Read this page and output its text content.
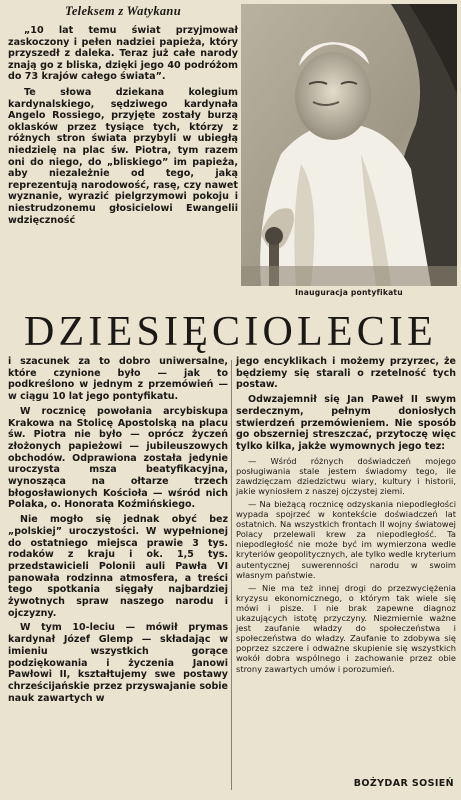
Teleksem z Watykanu

„10 lat temu świat przyjmował zaskoczony i pełen nadziei papieża, który przyszedł z daleka. Teraz już całe narody znają go z bliska, dzięki jego 40 podróżom do 73 krajów całego świata”.

Te słowa dziekana kolegium kardynalskiego, sędziwego kardynała Angelo Rossiego, przyjęte zostały burzą oklasków przez tysiące tych, którzy z różnych stron świata przybyli w ubiegłą niedzielę na plac św. Piotra, tym razem oni do niego, do „bliskiego” im papieża, aby niezależnie od tego, jaką reprezentują narodowość, rasę, czy nawet wyznanie, wyrazić pielgrzymowi pokoju i niestrudzonemu głosicielowi Ewangelii wdzięczność

Inauguracja pontyfikatu
DZIESIĘCIOLECIE

i szacunek za to dobro uniwersalne, które czynione było — jak to podkreślono w jednym z przemówień — w ciągu 10 lat jego pontyfikatu.

W rocznicę powołania arcybiskupa Krakowa na Stolicę Apostolską na placu św. Piotra nie było — oprócz życzeń złożonych papieżowi — jubileuszowych obchodów. Odprawiona została jedynie uroczysta msza beatyfikacyjna, wynosząca na ołtarze trzech błogosławionych Kościoła — wśród nich Polaka, o. Honorata Koźmińskiego.

Nie mogło się jednak obyć bez „polskiej” uroczystości. W wypełnionej do ostatniego miejsca prawie 3 tys. rodaków z kraju i ok. 1,5 tys. przedstawicieli Polonii auli Pawła VI panowała rodzinna atmosfera, a treści tego spotkania sięgały najbardziej żywotnych spraw naszego narodu i ojczyzny.

W tym 10-leciu — mówił prymas kardynał Józef Glemp — składając w imieniu wszystkich gorące podziękowania i życzenia Janowi Pawłowi II, kształtujemy swe postawy chrześcijańskie przez przyswajanie sobie nauk zawartych w

jego encyklikach i możemy przyrzec, że będziemy się starali o rzetelność tych postaw.

Odwzajemnił się Jan Paweł II swym serdecznym, pełnym doniosłych stwierdzeń przemówieniem. Nie sposób go obszerniej streszczać, przytoczę więc tylko kilka, jakże wymownych jego tez:

— Wśród różnych doświadczeń mojego posługiwania stale jestem świadomy tego, ile zawdzięczam dziedzictwu wiary, kultury i historii, jakie wyniosłem z naszej ojczystej ziemi.

— Na bieżącą rocznicę odzyskania niepodległości wypada spojrzeć w kontekście doświadczeń lat ostatnich. Na wszystkich frontach II wojny światowej Polacy przelewali krew za niepodległość. Ta niepodległość nie może być im wymierzona wedle kryteriów geopolitycznych, ale tylko wedle kryterium autentycznej suwerenności narodu w swoim własnym państwie.

— Nie ma też innej drogi do przezwyciężenia kryzysu ekonomicznego, o którym tak wiele się mówi i pisze. I nie brak zapewne diagnoz ukazujących istotę przyczyny. Niezmiernie ważne jest zaufanie władzy do społeczeństwa i społeczeństwa do władzy. Zaufanie to zdobywa się poprzez szczere i odważne skupienie się wszystkich wokół dobra wspólnego i zachowanie przez obie strony zawartych umów i porozumień.

BOŻYDAR SOSIEŃ
